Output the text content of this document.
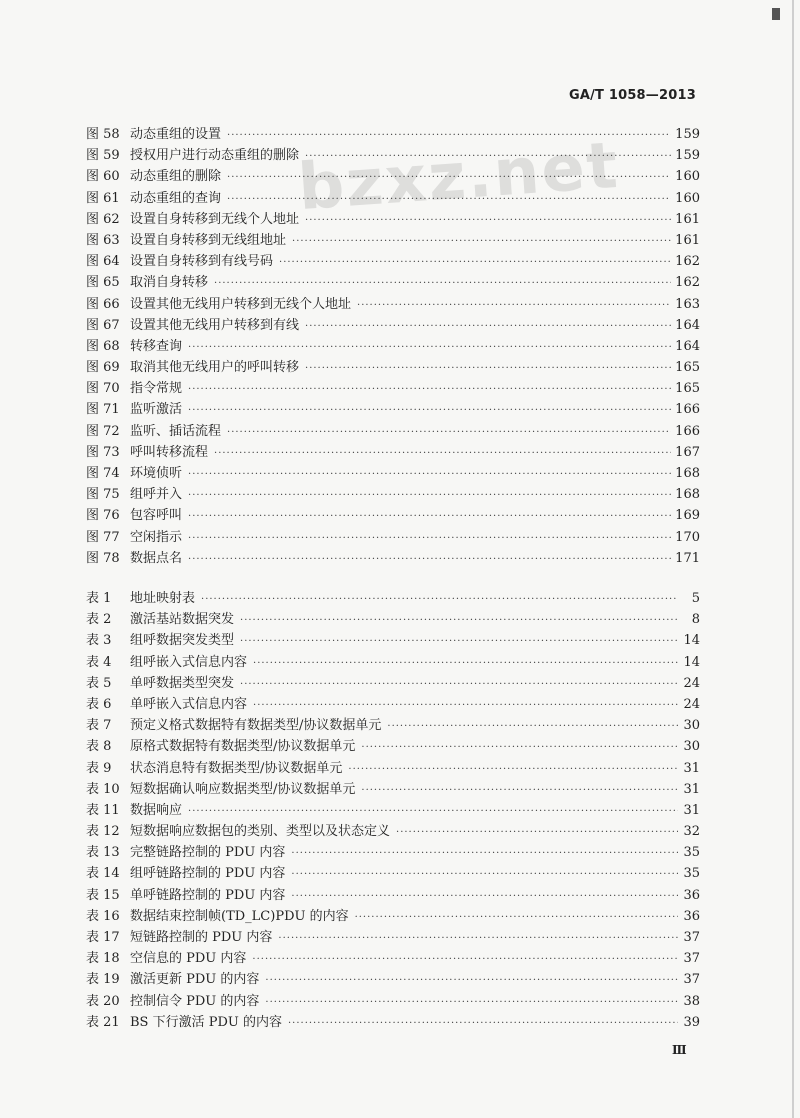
GA/T 1058—2013
bzxz.net
图 58 动态重组的设置 ·····	159
图 59 授权用户进行动态重组的删除 ·····	159
图 60 动态重组的删除 ·····	160
图 61 动态重组的查询 ·····	160
图 62 设置自身转移到无线个人地址 ·····	161
图 63 设置自身转移到无线组地址 ·····	161
图 64 设置自身转移到有线号码 ·····	162
图 65 取消自身转移 ·····	162
图 66 设置其他无线用户转移到无线个人地址 ·····	163
图 67 设置其他无线用户转移到有线 ·····	164
图 68 转移查询 ·····	164
图 69 取消其他无线用户的呼叫转移 ·····	165
图 70 指令常规 ·····	165
图 71 监听激活 ·····	166
图 72 监听、插话流程 ·····	166
图 73 呼叫转移流程 ·····	167
图 74 环境侦听 ·····	168
图 75 组呼并入 ·····	168
图 76 包容呼叫 ·····	169
图 77 空闲指示 ·····	170
图 78 数据点名 ·····	171
表 1	地址映射表 ·····	5
表 2	激活基站数据突发 ·····	8
表 3	组呼数据突发类型 ·····	14
表 4	组呼嵌入式信息内容 ·····	14
表 5	单呼数据类型突发 ·····	24
表 6	单呼嵌入式信息内容 ·····	24
表 7	预定义格式数据特有数据类型/协议数据单元 ·····	30
表 8	原格式数据特有数据类型/协议数据单元 ·····	30
表 9	状态消息特有数据类型/协议数据单元 ·····	31
表 10 短数据确认响应数据类型/协议数据单元 ·····	31
表 11 数据响应 ·····	31
表 12 短数据响应数据包的类别、类型以及状态定义 ·····	32
表 13 完整链路控制的 PDU 内容 ·····	35
表 14 组呼链路控制的 PDU 内容 ·····	35
表 15 单呼链路控制的 PDU 内容 ·····	36
表 16 数据结束控制帧(TD_LC)PDU 的内容 ·····	36
表 17 短链路控制的 PDU 内容 ·····	37
表 18 空信息的 PDU 内容 ·····	37
表 19 激活更新 PDU 的内容 ·····	37
表 20 控制信令 PDU 的内容 ·····	38
表 21 BS 下行激活 PDU 的内容 ·····	39
Ⅲ
